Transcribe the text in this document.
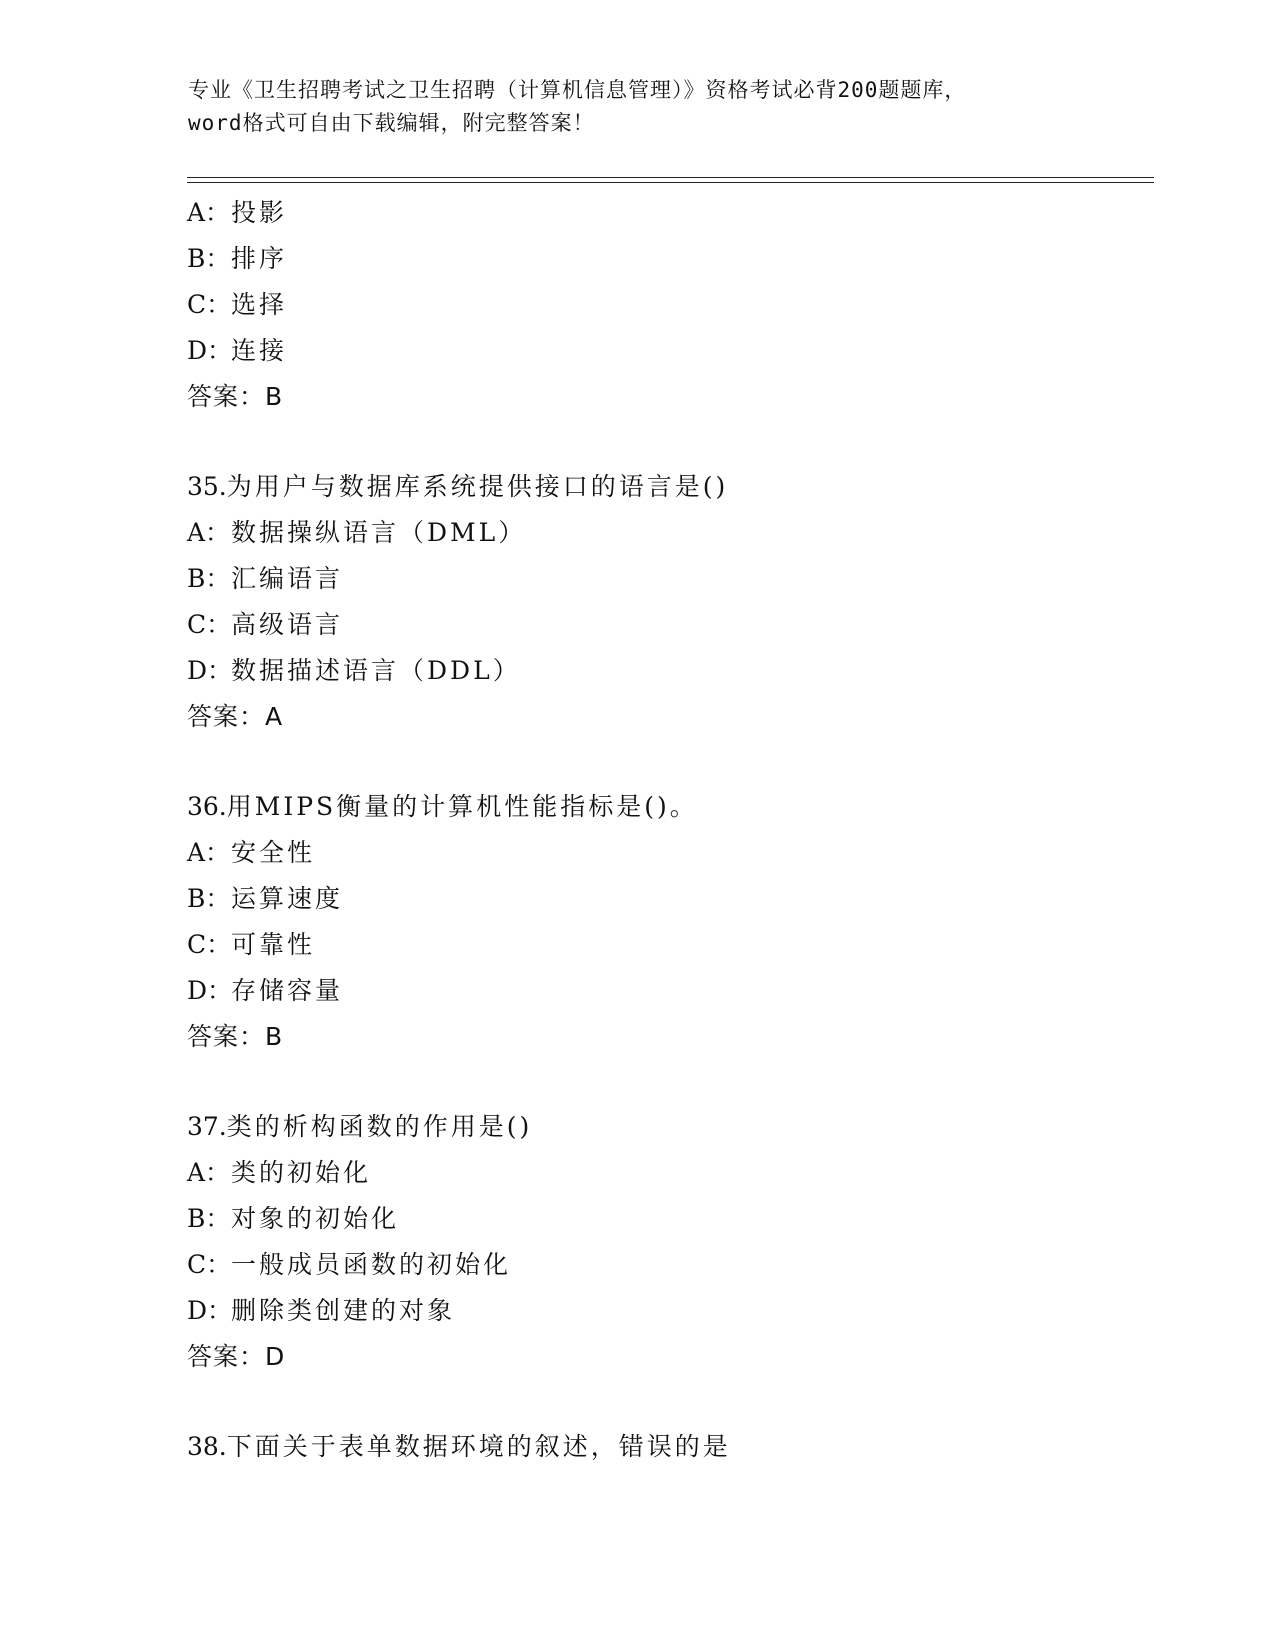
专业《卫生招聘考试之卫生招聘（计算机信息管理）》资格考试必背200题题库，
word格式可自由下载编辑，附完整答案！
A：投影
B：排序
C：选择
D：连接
答案：B
35.为用户与数据库系统提供接口的语言是()
A：数据操纵语言（DML）
B：汇编语言
C：高级语言
D：数据描述语言（DDL）
答案：A
36.用MIPS衡量的计算机性能指标是()。
A：安全性
B：运算速度
C：可靠性
D：存储容量
答案：B
37.类的析构函数的作用是()
A：类的初始化
B：对象的初始化
C：一般成员函数的初始化
D：删除类创建的对象
答案：D
38.下面关于表单数据环境的叙述，错误的是
